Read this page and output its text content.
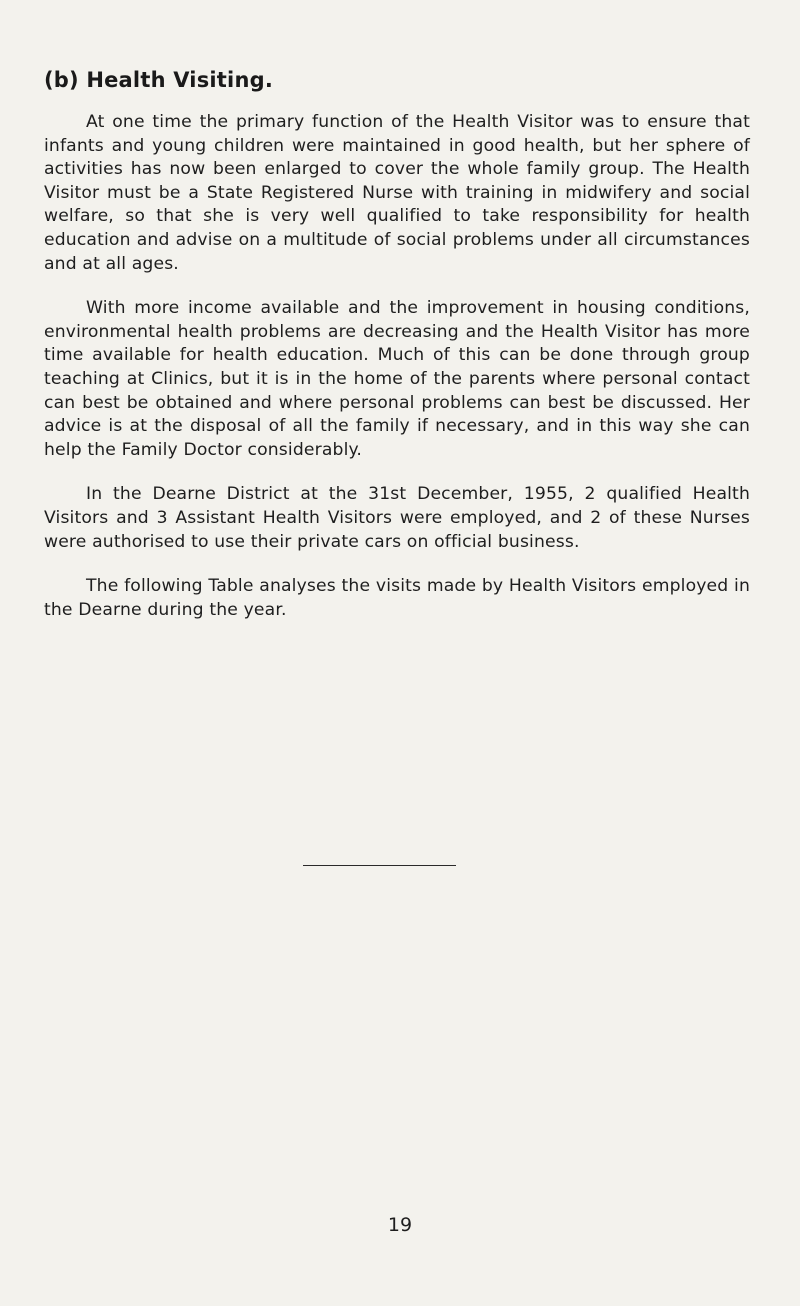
(b) Health Visiting.

At one time the primary function of the Health Visitor was to ensure that infants and young children were maintained in good health, but her sphere of activities has now been enlarged to cover the whole family group. The Health Visitor must be a State Registered Nurse with training in midwifery and social welfare, so that she is very well qualified to take responsibility for health education and advise on a multitude of social problems under all circumstances and at all ages.

With more income available and the improvement in housing conditions, environmental health problems are decreasing and the Health Visitor has more time available for health education. Much of this can be done through group teaching at Clinics, but it is in the home of the parents where personal contact can best be obtained and where personal problems can best be discussed. Her advice is at the disposal of all the family if necessary, and in this way she can help the Family Doctor considerably.

In the Dearne District at the 31st December, 1955, 2 qualified Health Visitors and 3 Assistant Health Visitors were employed, and 2 of these Nurses were authorised to use their private cars on official business.

The following Table analyses the visits made by Health Visitors employed in the Dearne during the year.

19
